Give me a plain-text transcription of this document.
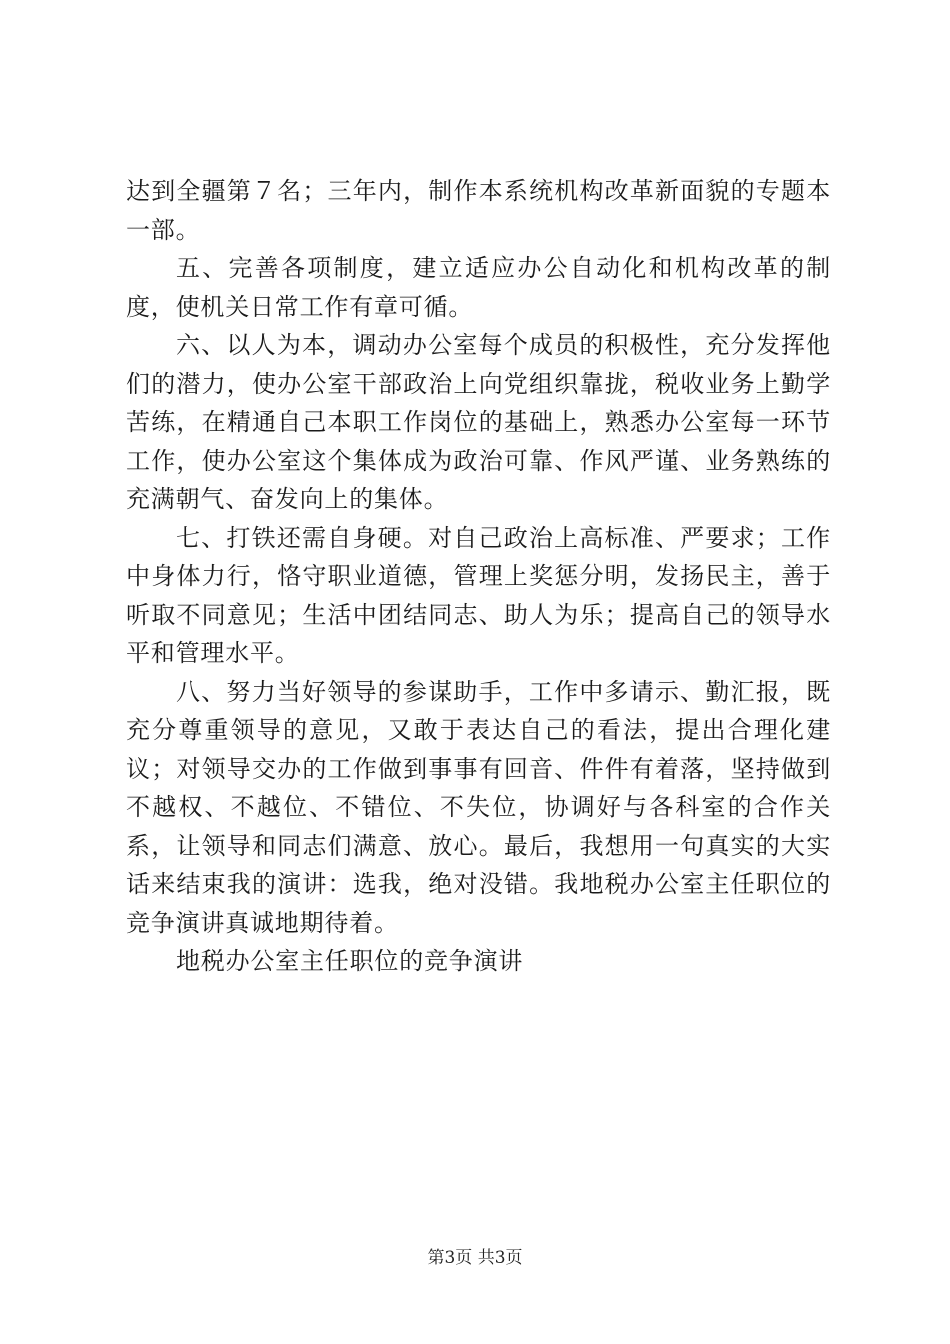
达到全疆第７名；三年内，制作本系统机构改革新面貌的专题本一部。

五、完善各项制度，建立适应办公自动化和机构改革的制度，使机关日常工作有章可循。

六、以人为本，调动办公室每个成员的积极性，充分发挥他们的潜力，使办公室干部政治上向党组织靠拢，税收业务上勤学苦练，在精通自己本职工作岗位的基础上，熟悉办公室每一环节工作，使办公室这个集体成为政治可靠、作风严谨、业务熟练的充满朝气、奋发向上的集体。

七、打铁还需自身硬。对自己政治上高标准、严要求；工作中身体力行，恪守职业道德，管理上奖惩分明，发扬民主，善于听取不同意见；生活中团结同志、助人为乐；提高自己的领导水平和管理水平。

八、努力当好领导的参谋助手，工作中多请示、勤汇报，既充分尊重领导的意见，又敢于表达自己的看法，提出合理化建议；对领导交办的工作做到事事有回音、件件有着落，坚持做到不越权、不越位、不错位、不失位，协调好与各科室的合作关系，让领导和同志们满意、放心。最后，我想用一句真实的大实话来结束我的演讲：选我，绝对没错。我地税办公室主任职位的竞争演讲真诚地期待着。

地税办公室主任职位的竞争演讲

第3页 共3页
